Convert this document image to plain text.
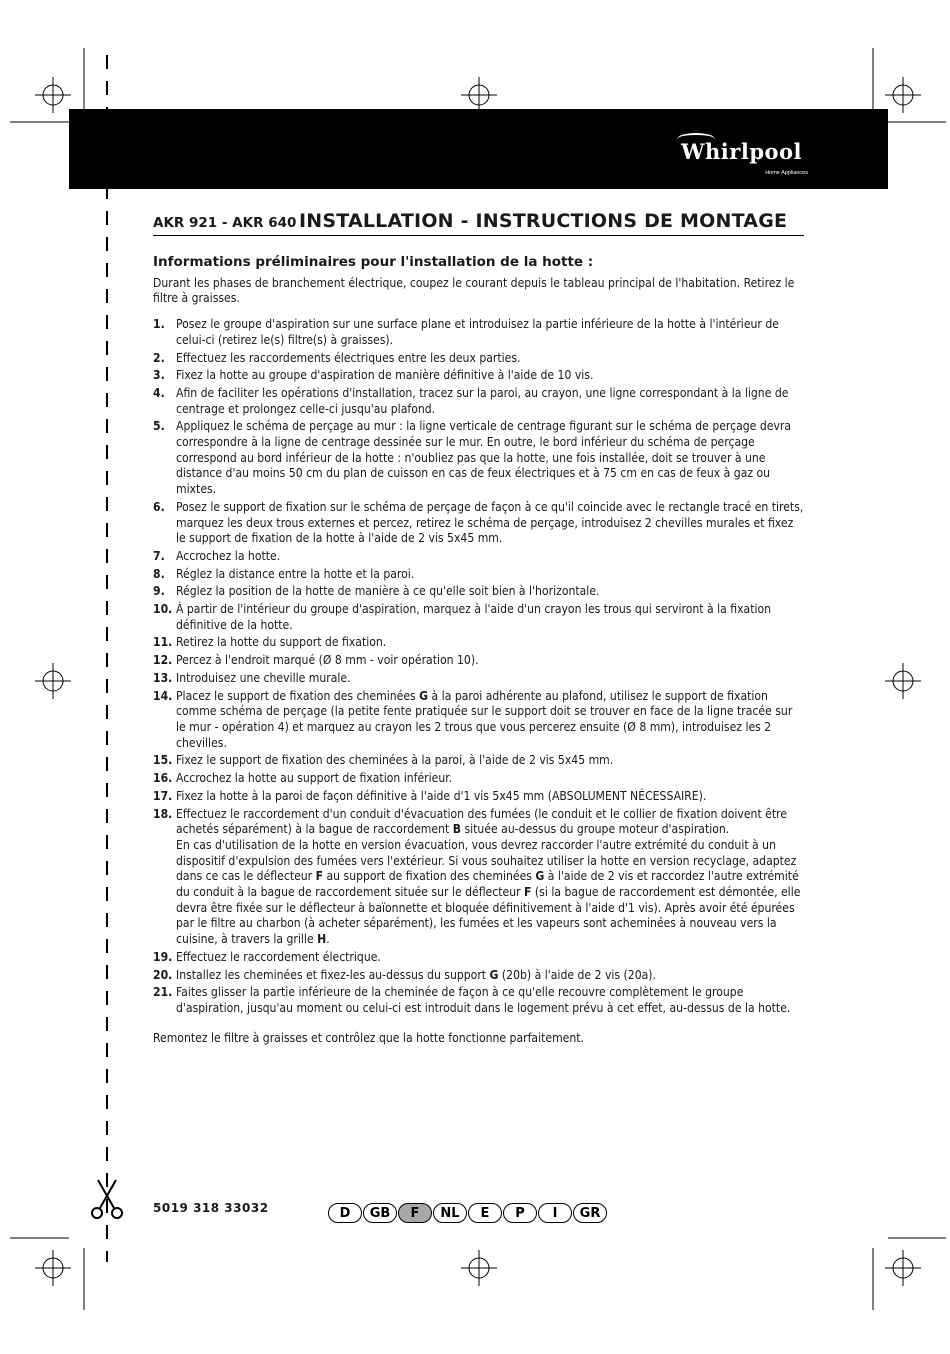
Whirlpool
Home Appliances
AKR 921 - AKR 640 INSTALLATION - INSTRUCTIONS DE MONTAGE
Informations préliminaires pour l'installation de la hotte :

Durant les phases de branchement électrique, coupez le courant depuis le tableau principal de l'habitation. Retirez le filtre à graisses.

1. Posez le groupe d'aspiration sur une surface plane et introduisez la partie inférieure de la hotte à l'intérieur de celui-ci (retirez le(s) filtre(s) à graisses).
2. Effectuez les raccordements électriques entre les deux parties.
3. Fixez la hotte au groupe d'aspiration de manière définitive à l'aide de 10 vis.
4. Afin de faciliter les opérations d'installation, tracez sur la paroi, au crayon, une ligne correspondant à la ligne de centrage et prolongez celle-ci jusqu'au plafond.
5. Appliquez le schéma de perçage au mur : la ligne verticale de centrage figurant sur le schéma de perçage devra correspondre à la ligne de centrage dessinée sur le mur. En outre, le bord inférieur du schéma de perçage correspond au bord inférieur de la hotte : n'oubliez pas que la hotte, une fois installée, doit se trouver à une distance d'au moins 50 cm du plan de cuisson en cas de feux électriques et à 75 cm en cas de feux à gaz ou mixtes.
6. Posez le support de fixation sur le schéma de perçage de façon à ce qu'il coincide avec le rectangle tracé en tirets, marquez les deux trous externes et percez, retirez le schéma de perçage, introduisez 2 chevilles murales et fixez le support de fixation de la hotte à l'aide de 2 vis 5x45 mm.
7. Accrochez la hotte.
8. Réglez la distance entre la hotte et la paroi.
9. Réglez la position de la hotte de manière à ce qu'elle soit bien à l'horizontale.
10. À partir de l'intérieur du groupe d'aspiration, marquez à l'aide d'un crayon les trous qui serviront à la fixation définitive de la hotte.
11. Retirez la hotte du support de fixation.
12. Percez à l'endroit marqué (Ø 8 mm - voir opération 10).
13. Introduisez une cheville murale.
14. Placez le support de fixation des cheminées G à la paroi adhérente au plafond, utilisez le support de fixation comme schéma de perçage (la petite fente pratiquée sur le support doit se trouver en face de la ligne tracée sur le mur - opération 4) et marquez au crayon les 2 trous que vous percerez ensuite (Ø 8 mm), introduisez les 2 chevilles.
15. Fixez le support de fixation des cheminées à la paroi, à l'aide de 2 vis 5x45 mm.
16. Accrochez la hotte au support de fixation inférieur.
17. Fixez la hotte à la paroi de façon définitive à l'aide d'1 vis 5x45 mm (ABSOLUMENT NÉCESSAIRE).
18. Effectuez le raccordement d'un conduit d'évacuation des fumées (le conduit et le collier de fixation doivent être achetés séparément) à la bague de raccordement B située au-dessus du groupe moteur d'aspiration.
En cas d'utilisation de la hotte en version évacuation, vous devrez raccorder l'autre extrémité du conduit à un dispositif d'expulsion des fumées vers l'extérieur. Si vous souhaitez utiliser la hotte en version recyclage, adaptez dans ce cas le déflecteur F au support de fixation des cheminées G à l'aide de 2 vis et raccordez l'autre extrémité du conduit à la bague de raccordement située sur le déflecteur F (si la bague de raccordement est démontée, elle devra être fixée sur le déflecteur à baïonnette et bloquée définitivement à l'aide d'1 vis). Après avoir été épurées par le filtre au charbon (à acheter séparément), les fumées et les vapeurs sont acheminées à nouveau vers la cuisine, à travers la grille H.
19. Effectuez le raccordement électrique.
20. Installez les cheminées et fixez-les au-dessus du support G (20b) à l'aide de 2 vis (20a).
21. Faites glisser la partie inférieure de la cheminée de façon à ce qu'elle recouvre complètement le groupe d'aspiration, jusqu'au moment ou celui-ci est introduit dans le logement prévu à cet effet, au-dessus de la hotte.

Remontez le filtre à graisses et contrôlez que la hotte fonctionne parfaitement.

5019 318 33032	D	GB	F	NL	E	P	I	GR
